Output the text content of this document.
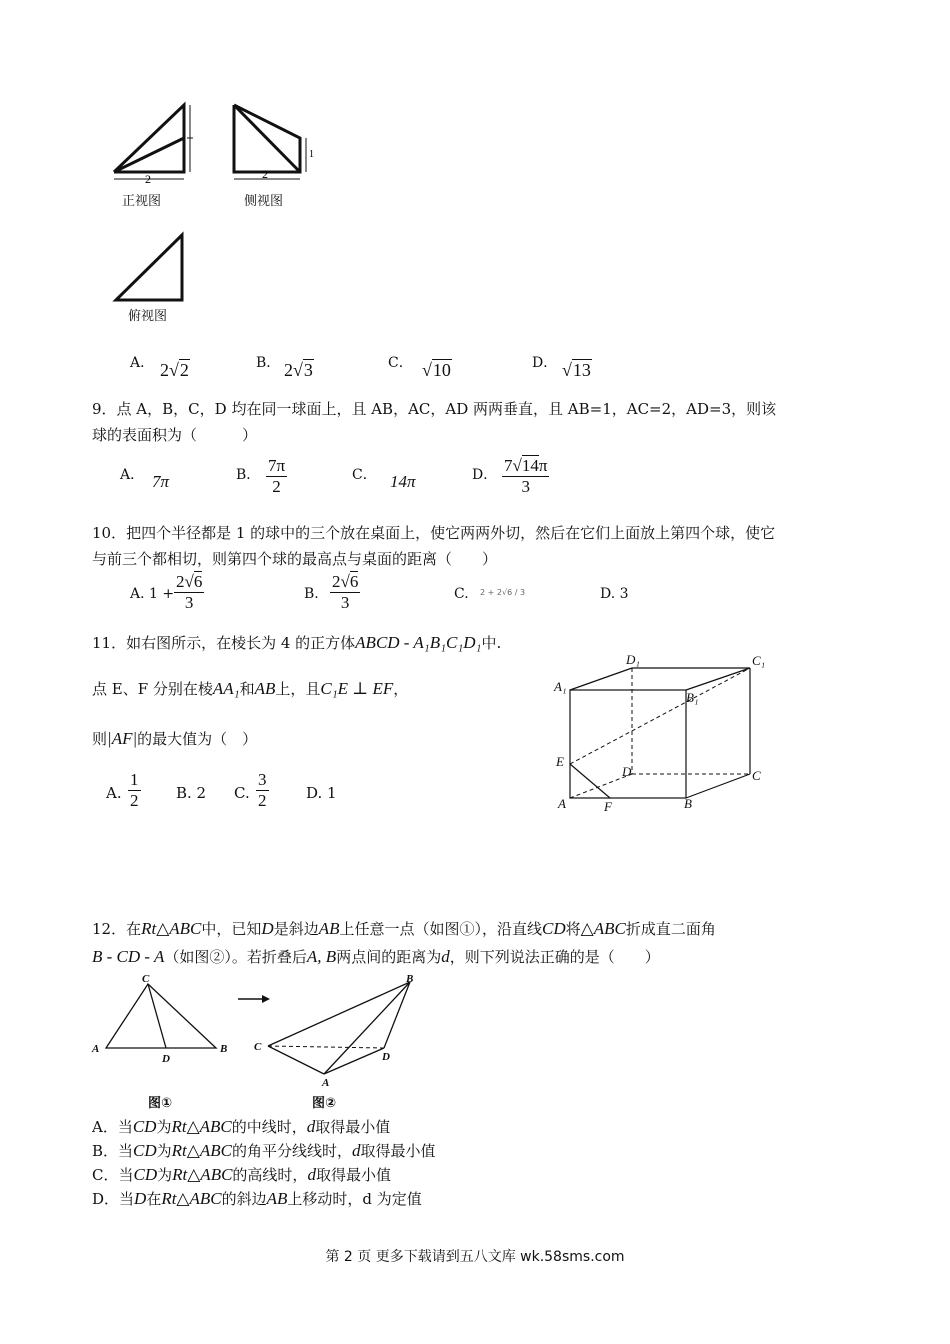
2	2
1
正视图	侧视图
俯视图
A． 2√2	B． 2√3	C． √10	D． √13
9．点 A，B，C，D 均在同一球面上，且 AB，AC，AD 两两垂直，且 AB=1，AC=2，AD=3，则该
球的表面积为（　　　）
A． 7π	B． $\frac{7\pi}{2}$	C． 14π	D． $\frac{7√14\pi}{3}$
10．把四个半径都是 1 的球中的三个放在桌面上，使它两两外切，然后在它们上面放上第四个球，使它
与前三个都相切，则第四个球的最高点与桌面的距离（　　）
A. $1 + \frac{2√6}{3}$	B. $\frac{2√6}{3}$	C. 2 + 2√6 / 3	D. 3
11．如右图所示，在棱长为 4 的正方体ABCD - A₁B₁C₁D₁中.
点 E、F 分别在棱AA₁和AB上，且C₁E ⊥ EF，
则|AF|的最大值为（　）
A. $\frac{1}{2} B$. 2 C. $\frac{3}{2}$	D. 1
A₁
D₁	C₁
B₁
E
D	C
A	F	B
12．在Rt△ABC中，已知D是斜边AB上任意一点（如图①），沿直线CD将△ABC折成直二面角
B - CD - A（如图②）。若折叠后A, B两点间的距离为d，则下列说法正确的是（　　）
C
A
D
B
B
C
D
A
图①	图②
A．当CD为Rt△ABC的中线时，d取得最小值
B．当CD为Rt△ABC的角平分线线时，d取得最小值
C．当CD为Rt△ABC的高线时，d取得最小值
D．当D在Rt△ABC的斜边AB上移动时，d 为定值
第 2 页 更多下载请到五八文库 wk.58sms.com
